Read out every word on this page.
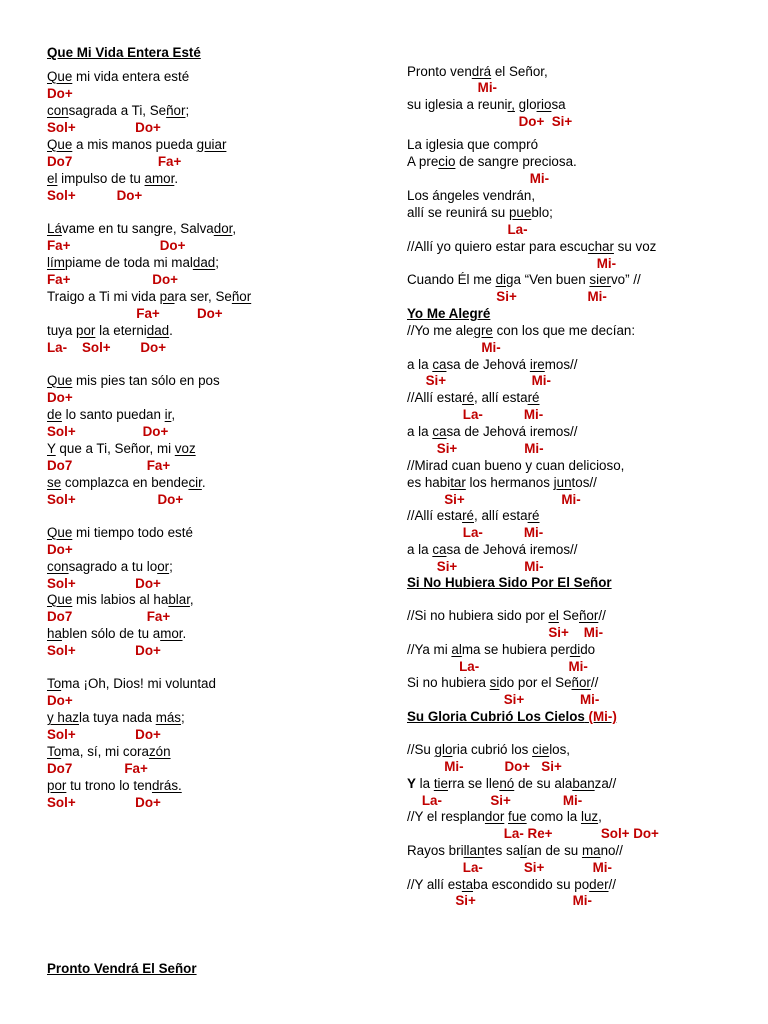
Que Mi Vida Entera Esté
Que mi vida entera esté
Do+
consagrada a Ti, Señor;
Sol+                Do+
Que a mis manos pueda guiar
Do7                       Fa+
el impulso de tu amor.
Sol+           Do+
Lávame en tu sangre, Salvador,
Fa+                        Do+
límpiame de toda mi maldad;
Fa+                      Do+
Traigo a Ti mi vida para ser, Señor
Fa+          Do+
tuya por la eternidad.
La-    Sol+        Do+
Que mis pies tan sólo en pos
Do+
de lo santo puedan ir,
Sol+                  Do+
Y que a Ti, Señor, mi voz
Do7                    Fa+
se complazca en bendecir.
Sol+                      Do+
Que mi tiempo todo esté
Do+
consagrado a tu loor;
Sol+                Do+
Que mis labios al hablar,
Do7                    Fa+
hablen sólo de tu amor.
Sol+                Do+
Toma ¡Oh, Dios! mi voluntad
Do+
y hazla tuya nada más;
Sol+                Do+
Toma, sí, mi corazón
Do7              Fa+
por tu trono lo tendrás.
Sol+                Do+
Pronto Vendrá El Señor
Pronto vendrá el Señor,
Mi-
su iglesia a reunir, gloriosa
Do+  Si+
La iglesia que compró
A precio de sangre preciosa.
Mi-
Los ángeles vendrán,
allí se reunirá su pueblo;
La-
//Allí yo quiero estar para escuchar su voz
Mi-
Cuando Él me diga “Ven buen siervo” //
Si+                   Mi-
Yo Me Alegré
//Yo me alegre con los que me decían:
Mi-
a la casa de Jehová iremos//
Si+                       Mi-
//Allí estaré, allí estaré
La-           Mi-
a la casa de Jehová iremos//
Si+                  Mi-
//Mirad cuan bueno y cuan delicioso,
es habitar los hermanos juntos//
Si+                          Mi-
//Allí estaré, allí estaré
La-           Mi-
a la casa de Jehová iremos//
Si+                  Mi-
Si No Hubiera Sido Por El Señor
//Si no hubiera sido por el Señor//
Si+    Mi-
//Ya mi alma se hubiera perdido
La-                        Mi-
Si no hubiera sido por el Señor//
Si+               Mi-
Su Gloria Cubrió Los Cielos (Mi-)
//Su gloria cubrió los cielos,
Mi-           Do+   Si+
Y la tierra se llenó de su alabanza//
La-             Si+              Mi-
//Y el resplandor fue como la luz,
La- Re+             Sol+ Do+
Rayos brillantes salían de su mano//
La-           Si+             Mi-
//Y allí estaba escondido su poder//
Si+                          Mi-
